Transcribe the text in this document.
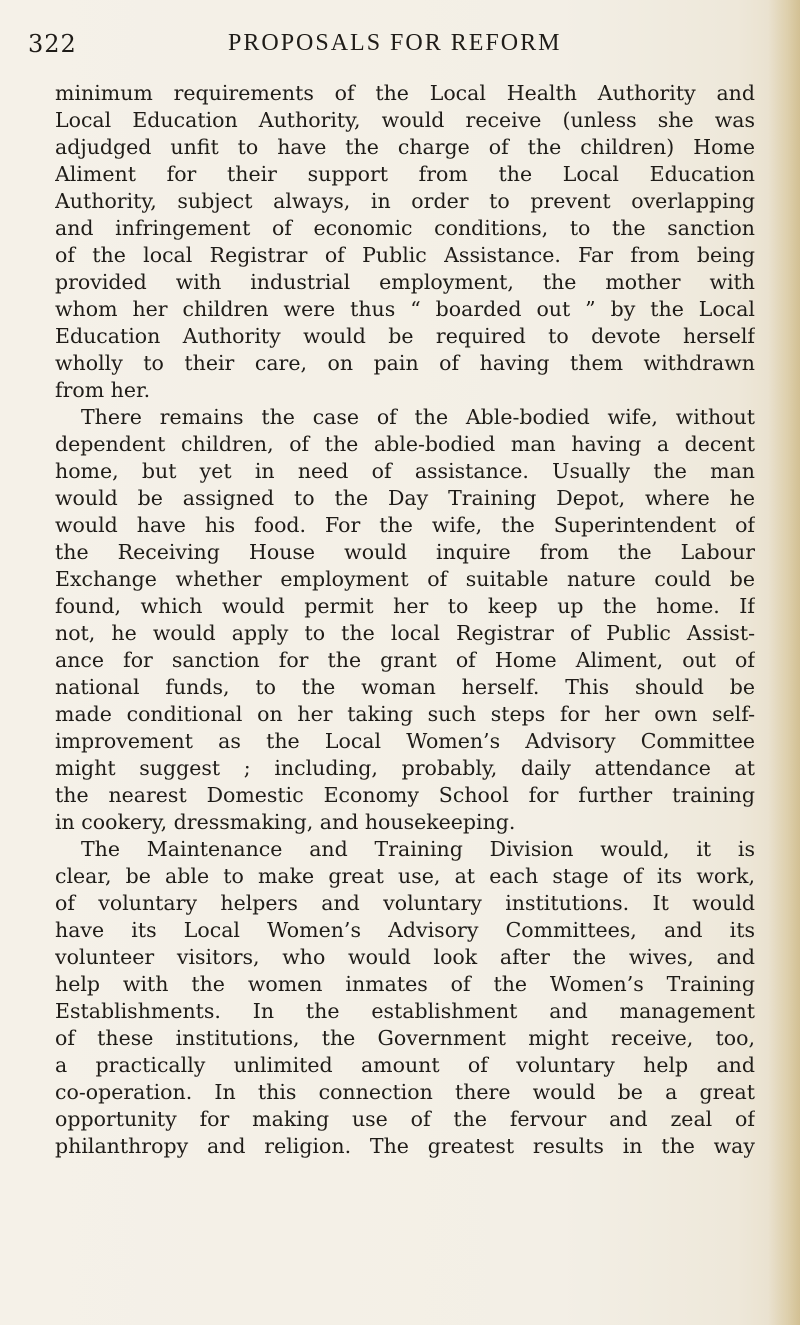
322	PROPOSALS FOR REFORM
minimum requirements of the Local Health Authority and
Local Education Authority, would receive (unless she was
adjudged unfit to have the charge of the children) Home
Aliment for their support from the Local Education
Authority, subject always, in order to prevent overlapping
and infringement of economic conditions, to the sanction
of the local Registrar of Public Assistance. Far from being
provided with industrial employment, the mother with
whom her children were thus “ boarded out ” by the Local
Education Authority would be required to devote herself
wholly to their care, on pain of having them withdrawn
from her.
There remains the case of the Able-bodied wife, without
dependent children, of the able-bodied man having a decent
home, but yet in need of assistance. Usually the man
would be assigned to the Day Training Depot, where he
would have his food. For the wife, the Superintendent of
the Receiving House would inquire from the Labour
Exchange whether employment of suitable nature could be
found, which would permit her to keep up the home. If
not, he would apply to the local Registrar of Public Assist-
ance for sanction for the grant of Home Aliment, out of
national funds, to the woman herself. This should be
made conditional on her taking such steps for her own self-
improvement as the Local Women’s Advisory Committee
might suggest ; including, probably, daily attendance at
the nearest Domestic Economy School for further training
in cookery, dressmaking, and housekeeping.
The Maintenance and Training Division would, it is
clear, be able to make great use, at each stage of its work,
of voluntary helpers and voluntary institutions. It would
have its Local Women’s Advisory Committees, and its
volunteer visitors, who would look after the wives, and
help with the women inmates of the Women’s Training
Establishments. In the establishment and management
of these institutions, the Government might receive, too,
a practically unlimited amount of voluntary help and
co-operation. In this connection there would be a great
opportunity for making use of the fervour and zeal of
philanthropy and religion. The greatest results in the way
